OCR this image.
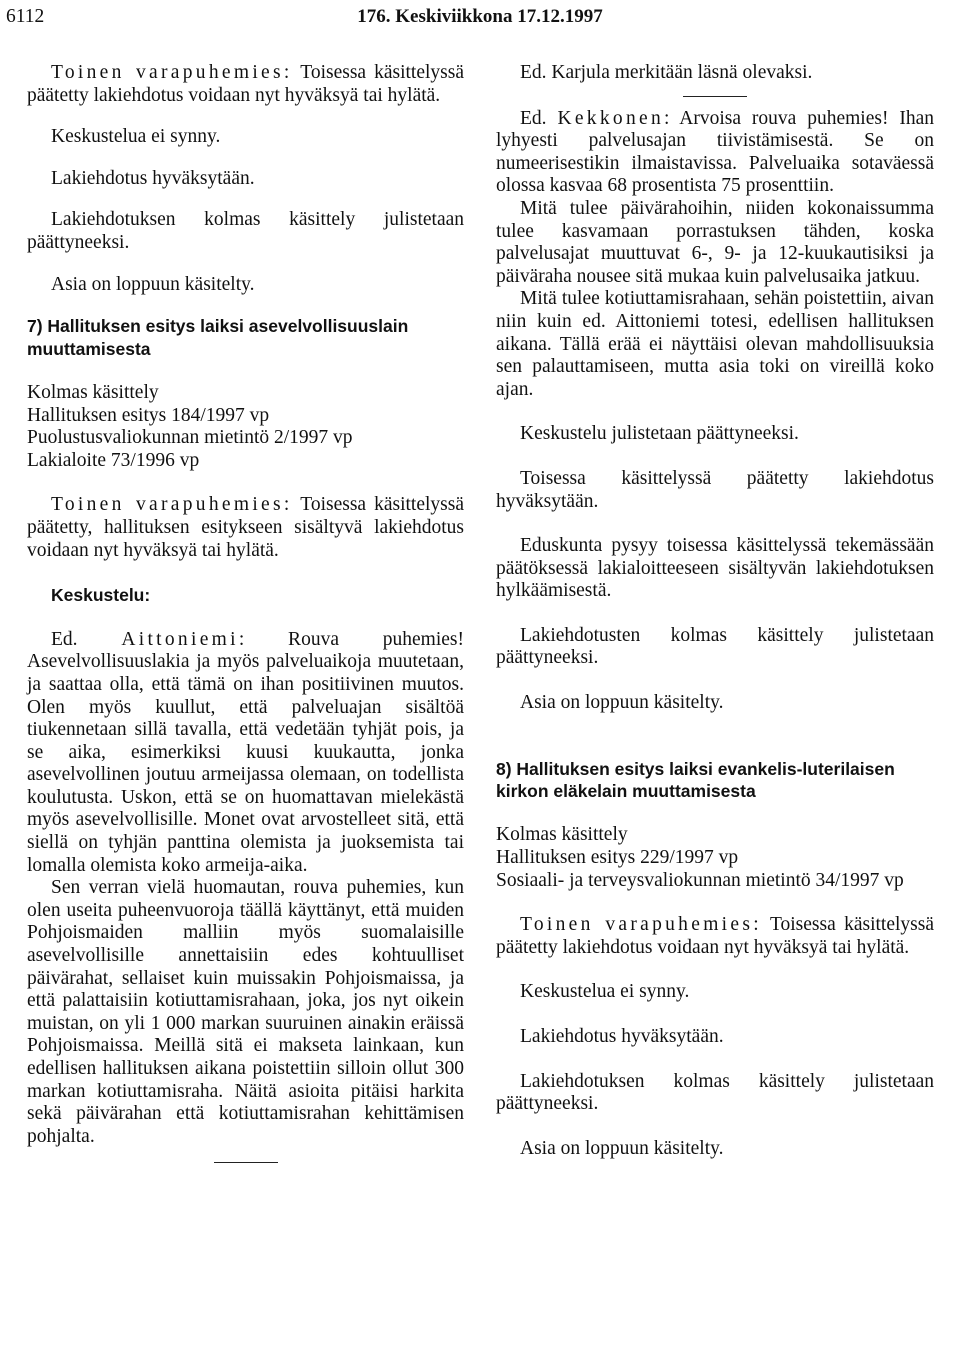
6112	176. Keskiviikkona 17.12.1997

Toinen varapuhemies: Toisessa käsittelyssä päätetty lakiehdotus voidaan nyt hyväksyä tai hylätä.

Keskustelua ei synny.

Lakiehdotus hyväksytään.

Lakiehdotuksen kolmas käsittely julistetaan päättyneeksi.

Asia on loppuun käsitelty.

7) Hallituksen esitys laiksi asevelvollisuuslain muuttamisesta

Kolmas käsittely

Hallituksen esitys 184/1997 vp

Puolustusvaliokunnan mietintö 2/1997 vp

Lakialoite 73/1996 vp

Toinen varapuhemies: Toisessa käsittelyssä päätetty, hallituksen esitykseen sisältyvä lakiehdotus voidaan nyt hyväksyä tai hylätä.

Keskustelu:

Ed. Aittoniemi: Rouva puhemies! Asevelvollisuuslakia ja myös palveluaikoja muutetaan, ja saattaa olla, että tämä on ihan positiivinen muutos. Olen myös kuullut, että palveluajan sisältöä tiukennetaan sillä tavalla, että vedetään tyhjät pois, ja se aika, esimerkiksi kuusi kuukautta, jonka asevelvollinen joutuu armeijassa olemaan, on todellista koulutusta. Uskon, että se on huomattavan mielekästä myös asevelvollisille. Monet ovat arvostelleet sitä, että siellä on tyhjän panttina olemista ja juoksemista tai lomalla olemista koko armeija-aika.

Sen verran vielä huomautan, rouva puhemies, kun olen useita puheenvuoroja täällä käyttänyt, että muiden Pohjoismaiden malliin myös suomalaisille asevelvollisille annettaisiin edes kohtuulliset päivärahat, sellaiset kuin muissakin Pohjoismaissa, ja että palattaisiin kotiuttamisrahaan, joka, jos nyt oikein muistan, on yli 1 000 markan suuruinen ainakin eräissä Pohjoismaissa. Meillä sitä ei makseta lainkaan, kun edellisen hallituksen aikana poistettiin silloin ollut 300 markan kotiuttamisraha. Näitä asioita pitäisi harkita sekä päivärahan että kotiuttamisrahan kehittämisen pohjalta.

Ed. Karjula merkitään läsnä olevaksi.

Ed. Kekkonen: Arvoisa rouva puhemies! Ihan lyhyesti palvelusajan tiivistämisestä. Se on numeerisestikin ilmaistavissa. Palveluaika sotaväessä olossa kasvaa 68 prosentista 75 prosenttiin.

Mitä tulee päivärahoihin, niiden kokonaissumma tulee kasvamaan porrastuksen tähden, koska palvelusajat muuttuvat 6-, 9- ja 12-kuukautisiksi ja päiväraha nousee sitä mukaa kuin palvelusaika jatkuu.

Mitä tulee kotiuttamisrahaan, sehän poistettiin, aivan niin kuin ed. Aittoniemi totesi, edellisen hallituksen aikana. Tällä erää ei näyttäisi olevan mahdollisuuksia sen palauttamiseen, mutta asia toki on vireillä koko ajan.

Keskustelu julistetaan päättyneeksi.

Toisessa käsittelyssä päätetty lakiehdotus hyväksytään.

Eduskunta pysyy toisessa käsittelyssä tekemässään päätöksessä lakialoitteeseen sisältyvän lakiehdotuksen hylkäämisestä.

Lakiehdotusten kolmas käsittely julistetaan päättyneeksi.

Asia on loppuun käsitelty.

8) Hallituksen esitys laiksi evankelis-luterilaisen kirkon eläkelain muuttamisesta

Kolmas käsittely

Hallituksen esitys 229/1997 vp

Sosiaali- ja terveysvaliokunnan mietintö 34/1997 vp

Toinen varapuhemies: Toisessa käsittelyssä päätetty lakiehdotus voidaan nyt hyväksyä tai hylätä.

Keskustelua ei synny.

Lakiehdotus hyväksytään.

Lakiehdotuksen kolmas käsittely julistetaan päättyneeksi.

Asia on loppuun käsitelty.
